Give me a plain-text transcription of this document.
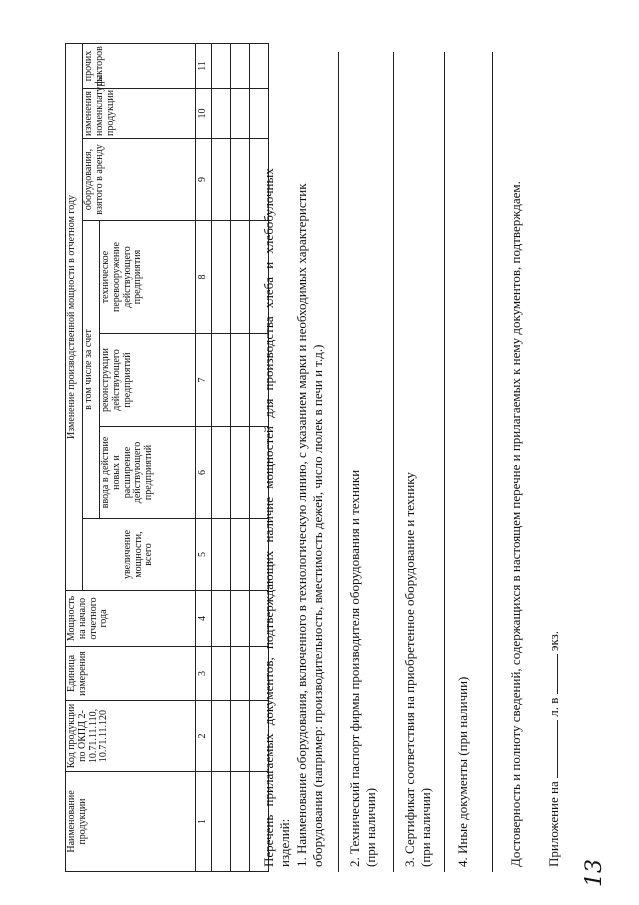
Наименование продукции	Код продукции по ОКПД 2- 10.71.11.110, 10.71.11.120	Единица измерения	Мощность на начало отчетного года	Изменение производственной мощности в отчетном году						
				увеличение мощности, всего	в том числе за счет			оборудования, взятого в аренду	изменения номенклатуры продукции	прочих факторов
					ввода в действие новых и расширение действующего предприятий	реконструкции действующего предприятий	техническое перевооружение действующего предприятия			
1	2	3	4	5	6	7	8	9	10	11

Перечень прилагаемых документов, подтверждающих наличие мощностей для производства хлеба и хлебобулочных изделий: 1. Наименование оборудования, включенного в технологическую линию, с указанием марки и необходимых характеристик оборудования (например: производительность, вместимость дежей, число люлек в печи и т.д.) 2. Технический паспорт фирмы производителя оборудования и техники (при наличии) 3. Сертификат соответствия на приобретенное оборудование и технику (при наличии) 4. Иные документы (при наличии)	Достоверность и полноту сведений, содержащихся в настоящем перечне и прилагаемых к нему документов, подтверждаем. Приложение на  л. в  экз.
13
